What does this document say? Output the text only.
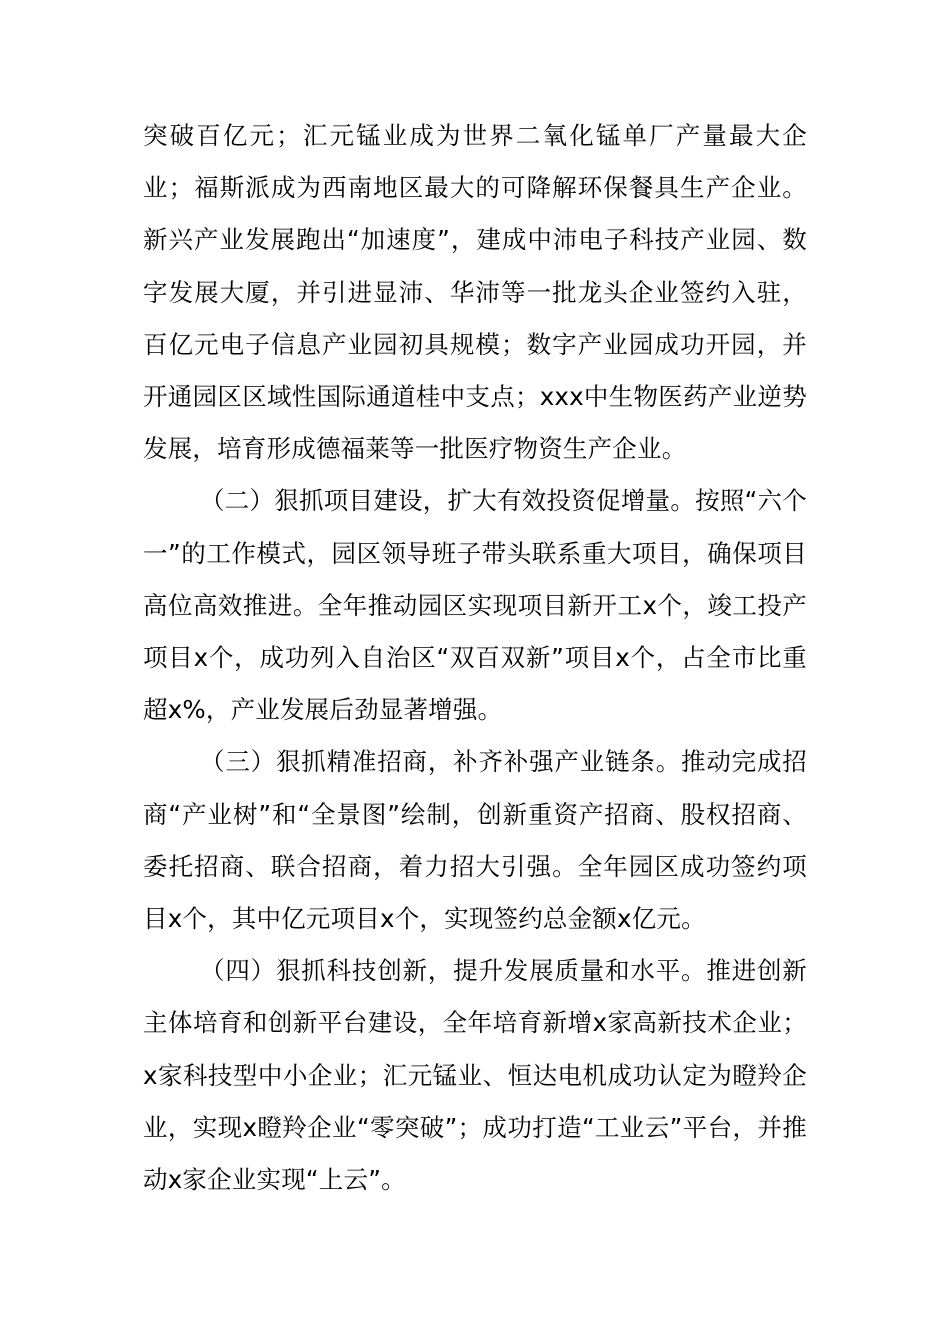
突破百亿元；汇元锰业成为世界二氧化锰单厂产量最大企业；福斯派成为西南地区最大的可降解环保餐具生产企业。新兴产业发展跑出“加速度”，建成中沛电子科技产业园、数字发展大厦，并引进显沛、华沛等一批龙头企业签约入驻，百亿元电子信息产业园初具规模；数字产业园成功开园，并开通园区区域性国际通道桂中支点；xxx中生物医药产业逆势发展，培育形成德福莱等一批医疗物资生产企业。

（二）狠抓项目建设，扩大有效投资促增量。按照“六个一”的工作模式，园区领导班子带头联系重大项目，确保项目高位高效推进。全年推动园区实现项目新开工x个，竣工投产项目x个，成功列入自治区“双百双新”项目x个，占全市比重超x%，产业发展后劲显著增强。

（三）狠抓精准招商，补齐补强产业链条。推动完成招商“产业树”和“全景图”绘制，创新重资产招商、股权招商、委托招商、联合招商，着力招大引强。全年园区成功签约项目x个，其中亿元项目x个，实现签约总金额x亿元。

（四）狠抓科技创新，提升发展质量和水平。推进创新主体培育和创新平台建设，全年培育新增x家高新技术企业；x家科技型中小企业；汇元锰业、恒达电机成功认定为瞪羚企业，实现x瞪羚企业“零突破”；成功打造“工业云”平台，并推动x家企业实现“上云”。
